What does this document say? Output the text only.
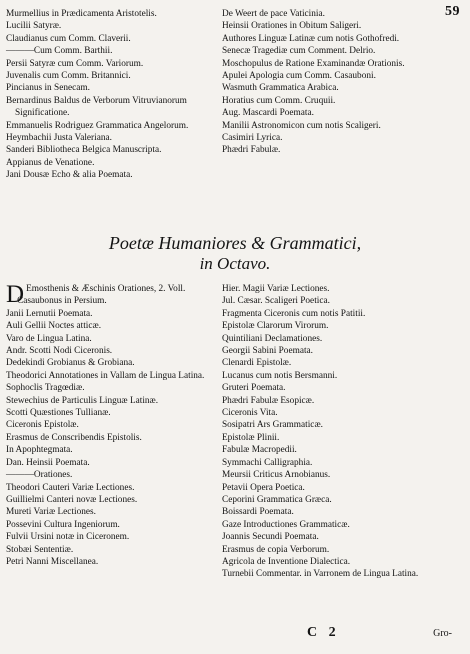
59
Murmellius in Prædicamenta Aristotelis.
Lucilii Satyræ.
Claudianus cum Comm. Claverii.
———Cum Comm. Barthii.
Persii Satyræ cum Comm. Variorum.
Juvenalis cum Comm. Britannici.
Pincianus in Senecam.
Bernardinus Baldus de Verborum Vitruvianorum Significatione.
Emmanuelis Rodriguez Grammatica Angelorum.
Heymbachii Justa Valeriana.
Sanderi Bibliotheca Belgica Manuscripta.
Appianus de Venatione.
Jani Dousæ Echo & alia Poemata.
De Weert de pace Vaticinia.
Heinsii Orationes in Obitum Saligeri.
Authores Linguæ Latinæ cum notis Gothofredi.
Senecæ Tragediæ cum Comment. Delrio.
Moschopulus de Ratione Examinandæ Orationis.
Apulei Apologia cum Comm. Casauboni.
Wasmuth Grammatica Arabica.
Horatius cum Comm. Cruquii.
Aug. Mascardi Poemata.
Manilii Astronomicon cum notis Scaligeri.
Casimiri Lyrica.
Phædri Fabulæ.
Poetæ Humaniores & Grammatici,
in Octavo.
D Emosthenis & Æschinis Orationes, 2. Voll.
Casaubonus in Persium.
Janii Lernutii Poemata.
Auli Gellii Noctes atticæ.
Varo de Lingua Latina.
Andr. Scotti Nodi Ciceronis.
Dedekindi Grobianus & Grobiana.
Theodorici Annotationes in Vallam de Lingua Latina.
Sophoclis Tragœdiæ.
Stewechius de Particulis Linguæ Latinæ.
Scotti Quæstiones Tullianæ.
Ciceronis Epistolæ.
Erasmus de Conscribendis Epistolis.
In Apophtegmata.
Dan. Heinsii Poemata.
———Orationes.
Theodori Cauteri Variæ Lectiones.
Guillielmi Canteri novæ Lectiones.
Mureti Variæ Lectiones.
Possevini Cultura Ingeniorum.
Fulvii Ursini notæ in Ciceronem.
Stobæi Sententiæ.
Petri Nanni Miscellanea.
Hier. Magii Variæ Lectiones.
Jul. Cæsar. Scaligeri Poetica.
Fragmenta Ciceronis cum notis Patitii.
Epistolæ Clarorum Virorum.
Quintiliani Declamationes.
Georgii Sabini Poemata.
Clenardi Epistolæ.
Lucanus cum notis Bersmanni.
Gruteri Poemata.
Phædri Fabulæ Esopicæ.
Ciceronis Vita.
Sosipatri Ars Grammaticæ.
Epistolæ Plinii.
Fabulæ Macropedii.
Symmachi Calligraphia.
Meursii Criticus Arnobianus.
Petavii Opera Poetica.
Ceporini Grammatica Græca.
Boissardi Poemata.
Gaze Introductiones Grammaticæ.
Joannis Secundi Poemata.
Erasmus de copia Verborum.
Agricola de Inventione Dialectica.
Turnebii Commentar. in Varronem de Lingua Latina.
C 2	Gro-
